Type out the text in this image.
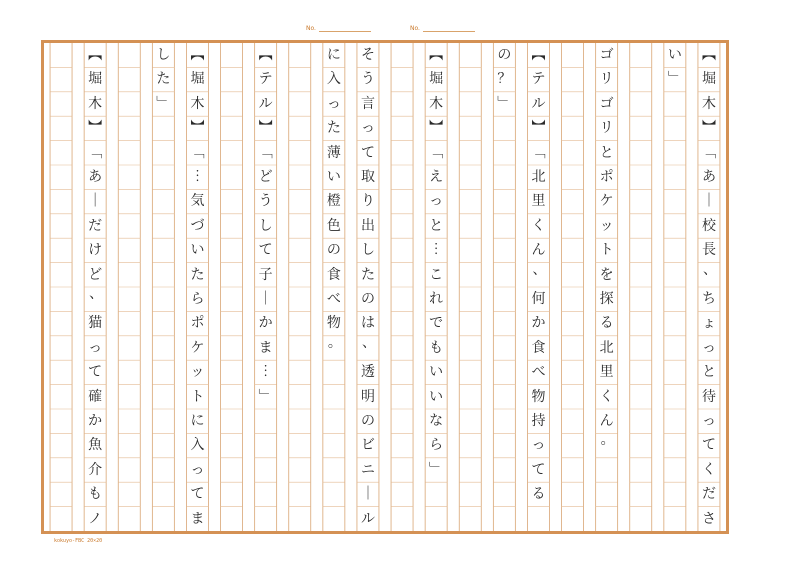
No.	No.
︻
堀
木
︼
﹁
あ
｜
校
長
、
ち
ょ
っ
と
待
っ
て
く
だ
さ
い
﹂
ゴ
リ
ゴ
リ
と
ポ
ケ
ッ
ト
を
探
る
北
里
く
ん
。
︻
テ
ル
︼
﹁
北
里
く
ん
、
何
か
食
べ
物
持
っ
て
る
の
？
﹂
︻
堀
木
︼
﹁
え
っ
と
︙
こ
れ
で
も
い
い
な
ら
﹂
そ
う
言
っ
て
取
り
出
し
た
の
は
、
透
明
の
ビ
ニ
｜
ル
に
入
っ
た
薄
い
橙
色
の
食
べ
物
。
︻
テ
ル
︼
﹁
ど
う
し
て
子
｜
か
ま
︙
﹂
︻
堀
木
︼
﹁
︙
気
づ
い
た
ら
ポ
ケ
ッ
ト
に
入
っ
て
ま
し
た
﹂
︻
堀
木
︼
﹁
あ
｜
だ
け
ど
、
猫
っ
て
確
か
魚
介
も
ノ
kokuyo-FBC 20×20
